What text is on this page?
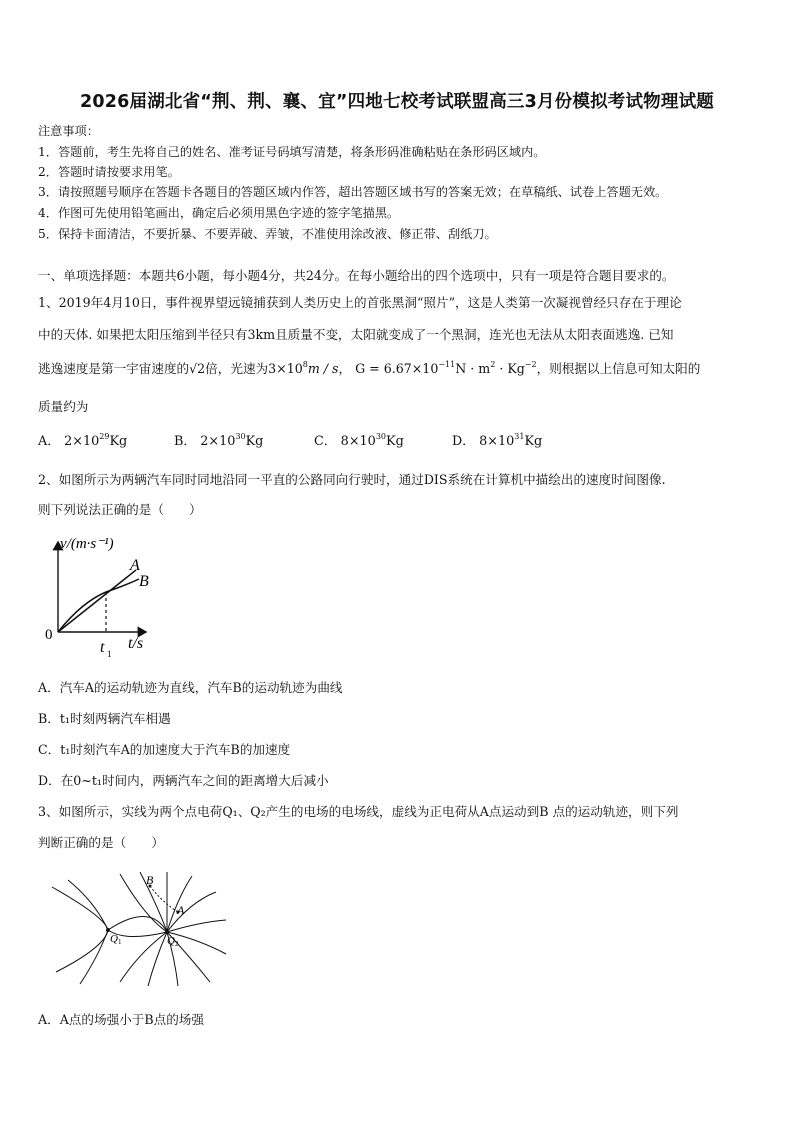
2026届湖北省“荆、荆、襄、宜”四地七校考试联盟高三3月份模拟考试物理试题
注意事项：
1．答题前，考生先将自己的姓名、准考证号码填写清楚，将条形码准确粘贴在条形码区域内。
2．答题时请按要求用笔。
3．请按照题号顺序在答题卡各题目的答题区域内作答，超出答题区域书写的答案无效；在草稿纸、试卷上答题无效。
4．作图可先使用铅笔画出，确定后必须用黑色字迹的签字笔描黑。
5．保持卡面清洁，不要折暴、不要弄破、弄皱，不准使用涂改液、修正带、刮纸刀。
一、单项选择题：本题共6小题，每小题4分，共24分。在每小题给出的四个选项中，只有一项是符合题目要求的。
1、2019年4月10日，事件视界望远镜捕获到人类历史上的首张黑洞“照片”，这是人类第一次凝视曾经只存在于理论
中的天体. 如果把太阳压缩到半径只有3km且质量不变，太阳就变成了一个黑洞，连光也无法从太阳表面逃逸. 已知
逃逸速度是第一宇宙速度的√2倍，光速为$3\times 10^8m / s$， $G = 6.67\times 10^{-11}N \cdot m^2 \cdot Kg^{-2}$，则根据以上信息可知太阳的
质量约为
A． $2\times 10^{29}Kg$	B． $2\times 10^{30}Kg$	C． $8\times 10^{30}Kg$	D． $8\times 10^{31}Kg$
2、如图所示为两辆汽车同时同地沿同一平直的公路同向行驶时，通过DIS系统在计算机中描绘出的速度时间图像.
则下列说法正确的是（　　）
v/(m·s⁻¹)
t/s
0
t 1
A
B
A．汽车A的运动轨迹为直线，汽车B的运动轨迹为曲线
B．t₁时刻两辆汽车相遇
C．t₁时刻汽车A的加速度大于汽车B的加速度
D．在0~t₁时间内，两辆汽车之间的距离增大后减小
3、如图所示，实线为两个点电荷Q₁、Q₂产生的电场的电场线，虚线为正电荷从A点运动到B 点的运动轨迹，则下列
判断正确的是（　　）
Q 1	Q 2
B
A
A．A点的场强小于B点的场强
